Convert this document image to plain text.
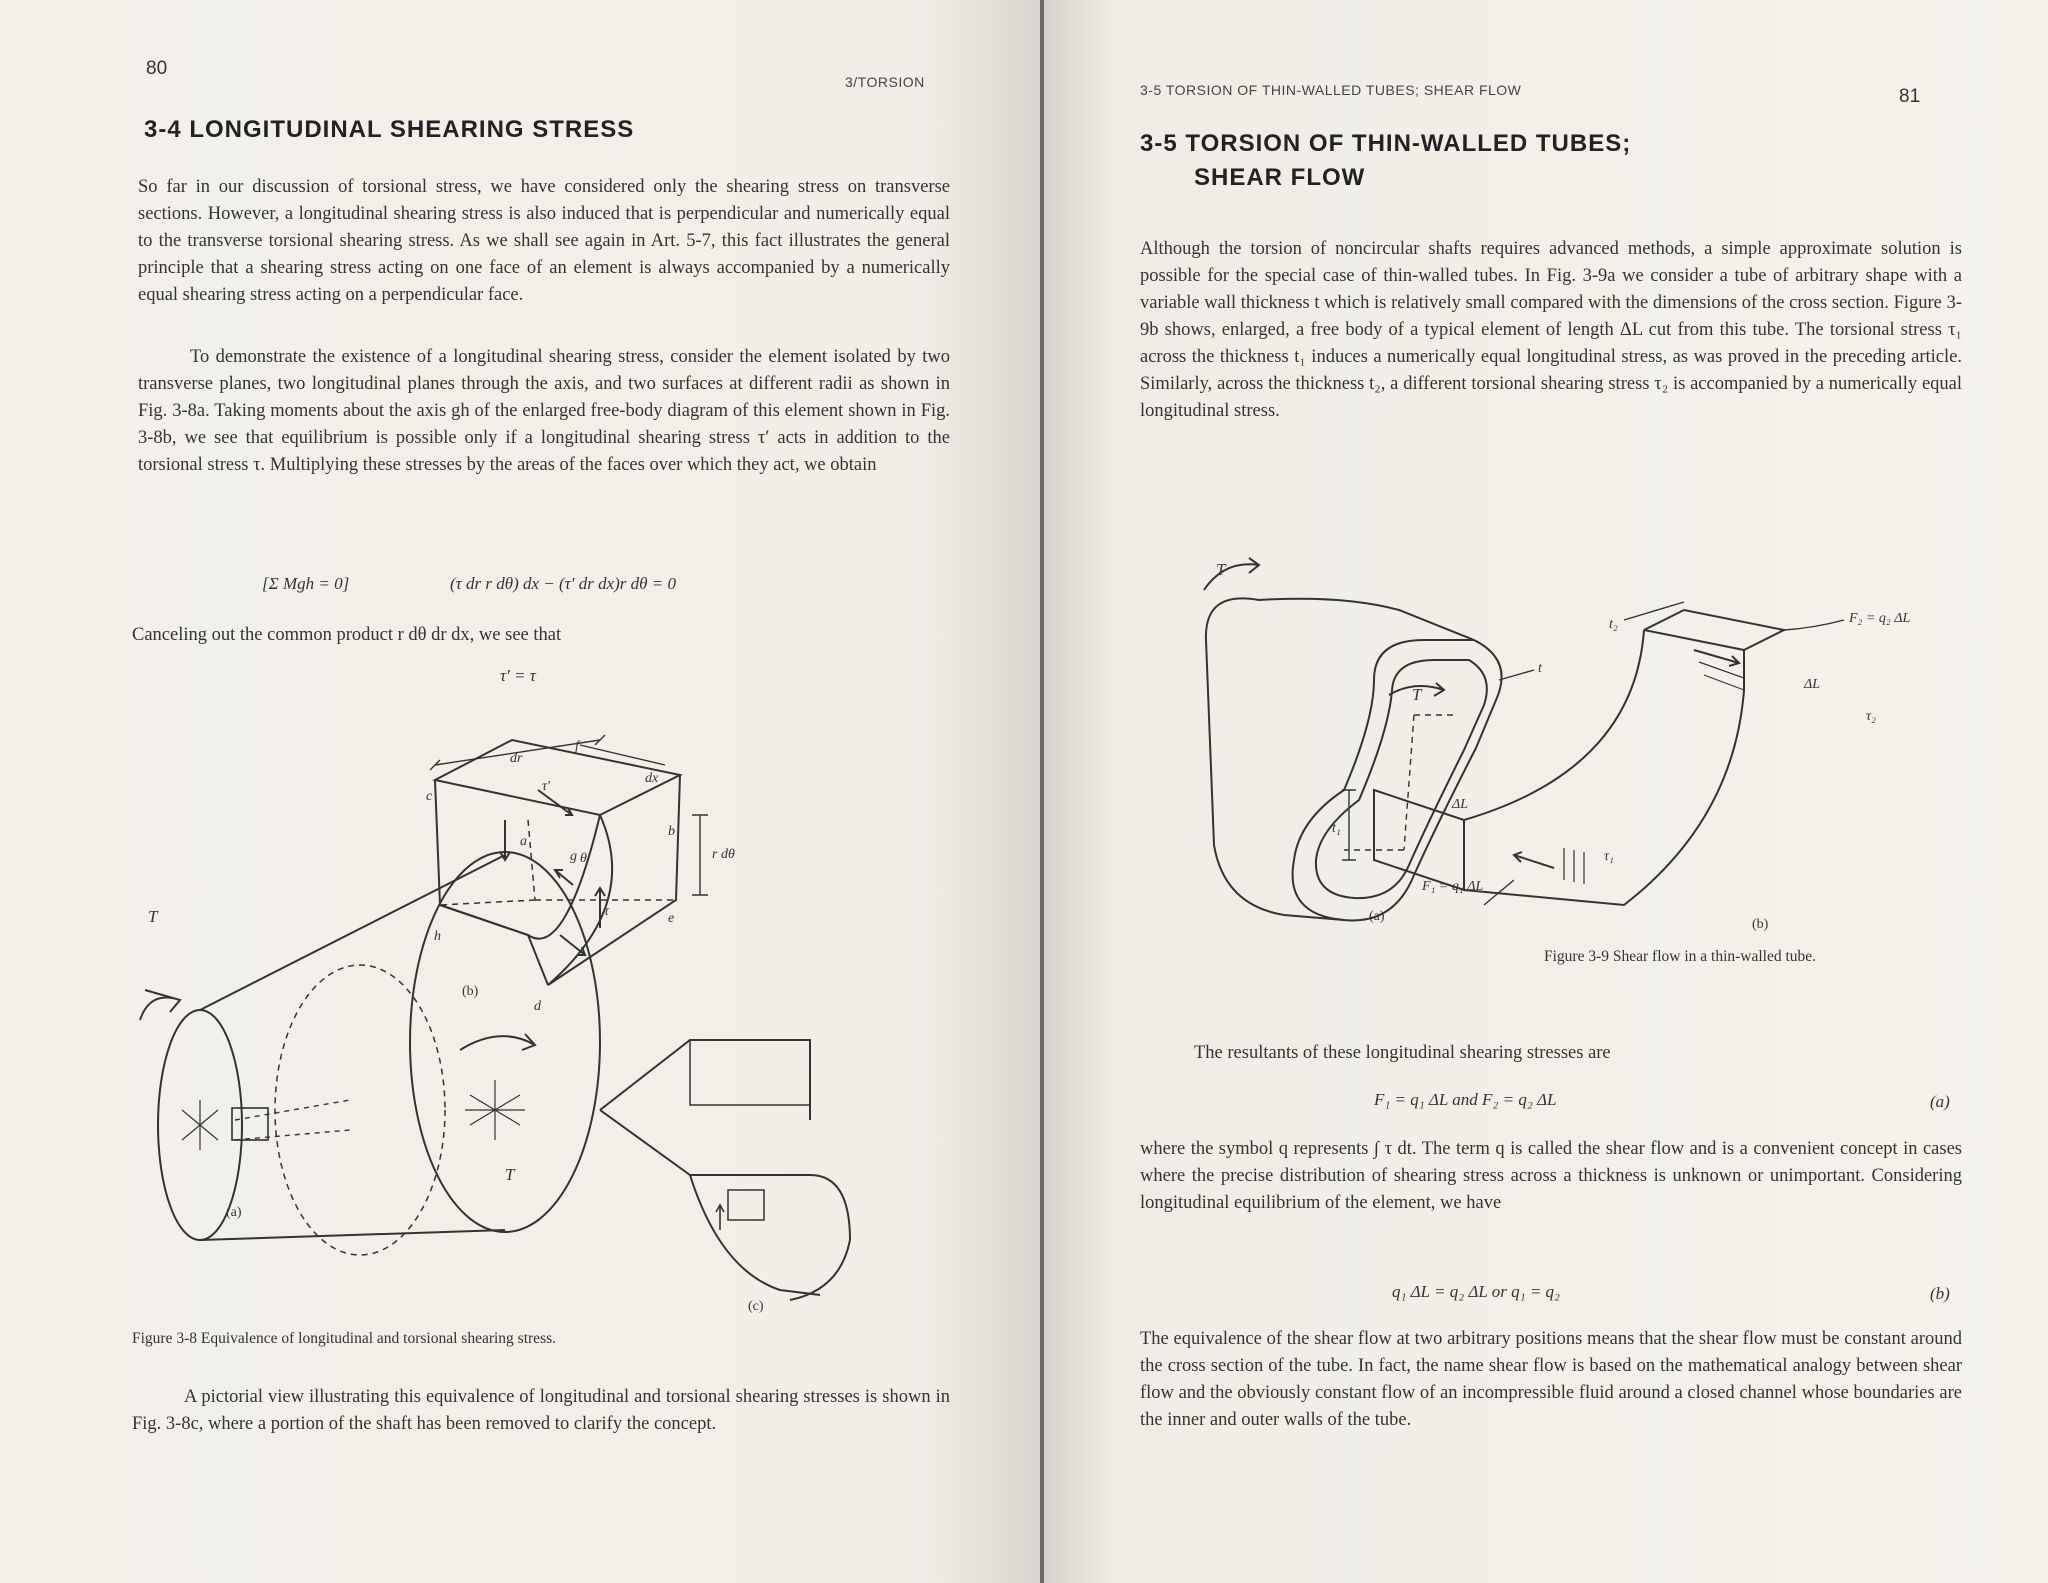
80
3/TORSION
3-4 LONGITUDINAL SHEARING STRESS
So far in our discussion of torsional stress, we have considered only the shearing stress on transverse sections. However, a longitudinal shearing stress is also induced that is perpendicular and numerically equal to the transverse torsional shearing stress. As we shall see again in Art. 5-7, this fact illustrates the general principle that a shearing stress acting on one face of an element is always accompanied by a numerically equal shearing stress acting on a perpendicular face.
To demonstrate the existence of a longitudinal shearing stress, consider the element isolated by two transverse planes, two longitudinal planes through the axis, and two surfaces at different radii as shown in Fig. 3-8a. Taking moments about the axis gh of the enlarged free-body diagram of this element shown in Fig. 3-8b, we see that equilibrium is possible only if a longitudinal shearing stress τ′ acts in addition to the torsional stress τ. Multiplying these stresses by the areas of the faces over which they act, we obtain
[Σ Mgh = 0]	(τ dr r dθ) dx − (τ′ dr dx)r dθ = 0
Canceling out the common product r dθ dr dx, we see that
τ′ = τ
dr
dx
r dθ
τ′
τ
θ
f
c
a
b
g
h
e
d
(b)
T
T
(a)
(c)
Figure 3-8 Equivalence of longitudinal and torsional shearing stress.
A pictorial view illustrating this equivalence of longitudinal and torsional shearing stresses is shown in Fig. 3-8c, where a portion of the shaft has been removed to clarify the concept.
3-5 TORSION OF THIN-WALLED TUBES; SHEAR FLOW	81
3-5 TORSION OF THIN-WALLED TUBES;
SHEAR FLOW
Although the torsion of noncircular shafts requires advanced methods, a simple approximate solution is possible for the special case of thin-walled tubes. In Fig. 3-9a we consider a tube of arbitrary shape with a variable wall thickness t which is relatively small compared with the dimensions of the cross section. Figure 3-9b shows, enlarged, a free body of a typical element of length ΔL cut from this tube. The torsional stress τ₁ across the thickness t₁ induces a numerically equal longitudinal stress, as was proved in the preceding article. Similarly, across the thickness t₂, a different torsional shearing stress τ₂ is accompanied by a numerically equal longitudinal stress.
T
T
t
t₁
t₂	F₂ = q₂ ΔL
F₁ = q₁ ΔL
ΔL
ΔL
τ₂
τ₁
(a)
(b)
Figure 3-9 Shear flow in a thin-walled tube.
The resultants of these longitudinal shearing stresses are
F₁ = q₁ ΔL and F₂ = q₂ ΔL	(a)
where the symbol q represents ∫ τ dt. The term q is called the shear flow and is a convenient concept in cases where the precise distribution of shearing stress across a thickness is unknown or unimportant. Considering longitudinal equilibrium of the element, we have
q₁ ΔL = q₂ ΔL or q₁ = q₂	(b)
The equivalence of the shear flow at two arbitrary positions means that the shear flow must be constant around the cross section of the tube. In fact, the name shear flow is based on the mathematical analogy between shear flow and the obviously constant flow of an incompressible fluid around a closed channel whose boundaries are the inner and outer walls of the tube.
